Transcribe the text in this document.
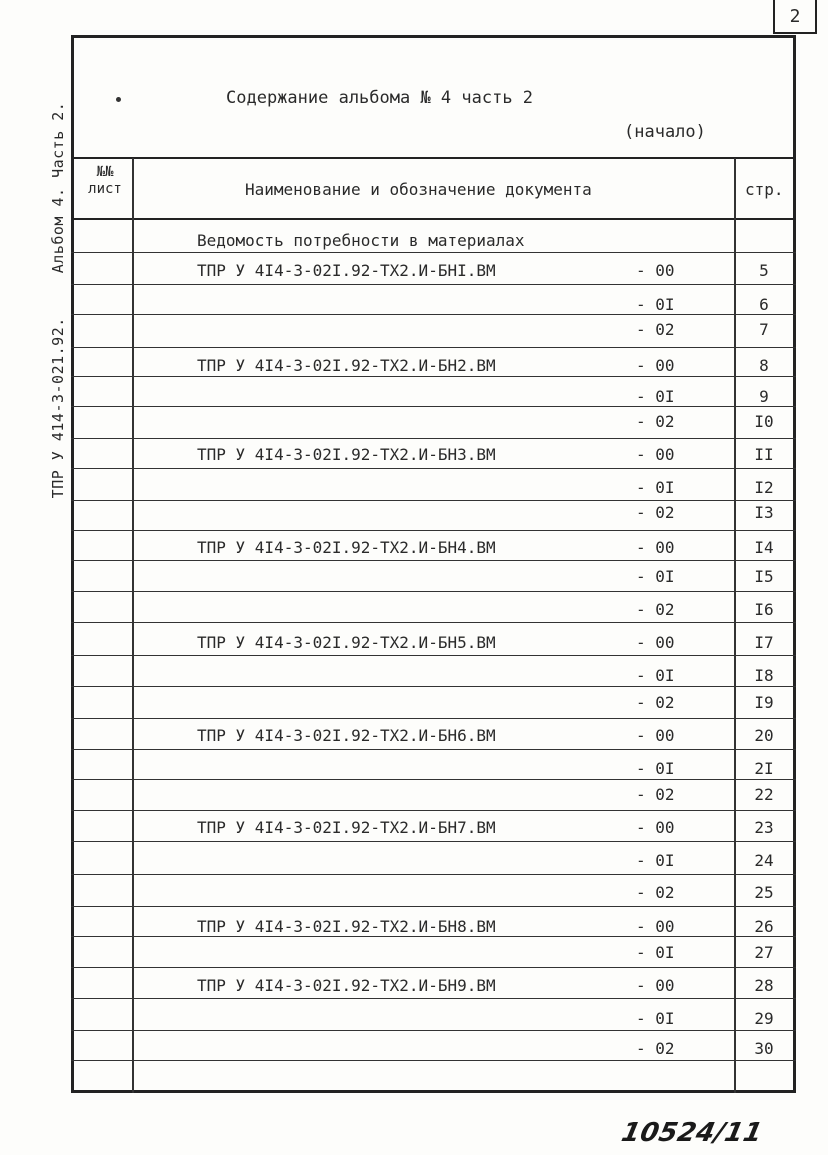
2
ТПР У 414-3-021.92.Альбом 4. Часть 2.
Содержание альбома № 4 часть 2
(начало)
№№ лист	Наименование и обозначение документа	стр.
Ведомость потребности в материалах
ТПР У 4I4-3-02I.92-ТХ2.И-БНI.ВМ	- 00	5
- 0I	6
- 02	7
ТПР У 4I4-3-02I.92-ТХ2.И-БН2.ВМ	- 00	8
- 0I	9
- 02	I0
ТПР У 4I4-3-02I.92-ТХ2.И-БН3.ВМ	- 00	II
- 0I	I2
- 02	I3
ТПР У 4I4-3-02I.92-ТХ2.И-БН4.ВМ	- 00	I4
- 0I	I5
- 02	I6
ТПР У 4I4-3-02I.92-ТХ2.И-БН5.ВМ	- 00	I7
- 0I	I8
- 02	I9
ТПР У 4I4-3-02I.92-ТХ2.И-БН6.ВМ	- 00	20
- 0I	2I
- 02	22
ТПР У 4I4-3-02I.92-ТХ2.И-БН7.ВМ	- 00	23
- 0I	24
- 02	25
ТПР У 4I4-3-02I.92-ТХ2.И-БН8.ВМ	- 00	26
- 0I	27
ТПР У 4I4-3-02I.92-ТХ2.И-БН9.ВМ	- 00	28
- 0I	29
- 02	30
10524/11
